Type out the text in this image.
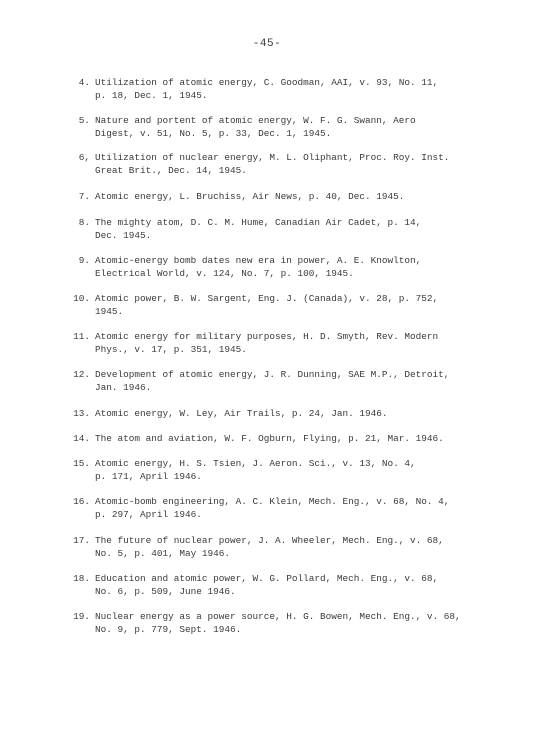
-45-
4. Utilization of atomic energy, C. Goodman, AAI, v. 93, No. 11,
p. 18, Dec. 1, 1945.
5. Nature and portent of atomic energy, W. F. G. Swann, Aero
Digest, v. 51, No. 5, p. 33, Dec. 1, 1945.
6, Utilization of nuclear energy, M. L. Oliphant, Proc. Roy. Inst.
Great Brit., Dec. 14, 1945.
7. Atomic energy, L. Bruchiss, Air News, p. 40, Dec. 1945.
8. The mighty atom, D. C. M. Hume, Canadian Air Cadet, p. 14,
Dec. 1945.
9. Atomic-energy bomb dates new era in power, A. E. Knowlton,
Electrical World, v. 124, No. 7, p. 100, 1945.
10. Atomic power, B. W. Sargent, Eng. J. (Canada), v. 28, p. 752,
1945.
11. Atomic energy for military purposes, H. D. Smyth, Rev. Modern
Phys., v. 17, p. 351, 1945.
12. Development of atomic energy, J. R. Dunning, SAE M.P., Detroit,
Jan. 1946.
13. Atomic energy, W. Ley, Air Trails, p. 24, Jan. 1946.
14. The atom and aviation, W. F. Ogburn, Flying, p. 21, Mar. 1946.
15. Atomic energy, H. S. Tsien, J. Aeron. Sci., v. 13, No. 4,
p. 171, April 1946.
16. Atomic-bomb engineering, A. C. Klein, Mech. Eng., v. 68, No. 4,
p. 297, April 1946.
17. The future of nuclear power, J. A. Wheeler, Mech. Eng., v. 68,
No. 5, p. 401, May 1946.
18. Education and atomic power, W. G. Pollard, Mech. Eng., v. 68,
No. 6, p. 509, June 1946.
19. Nuclear energy as a power source, H. G. Bowen, Mech. Eng., v. 68,
No. 9, p. 779, Sept. 1946.
